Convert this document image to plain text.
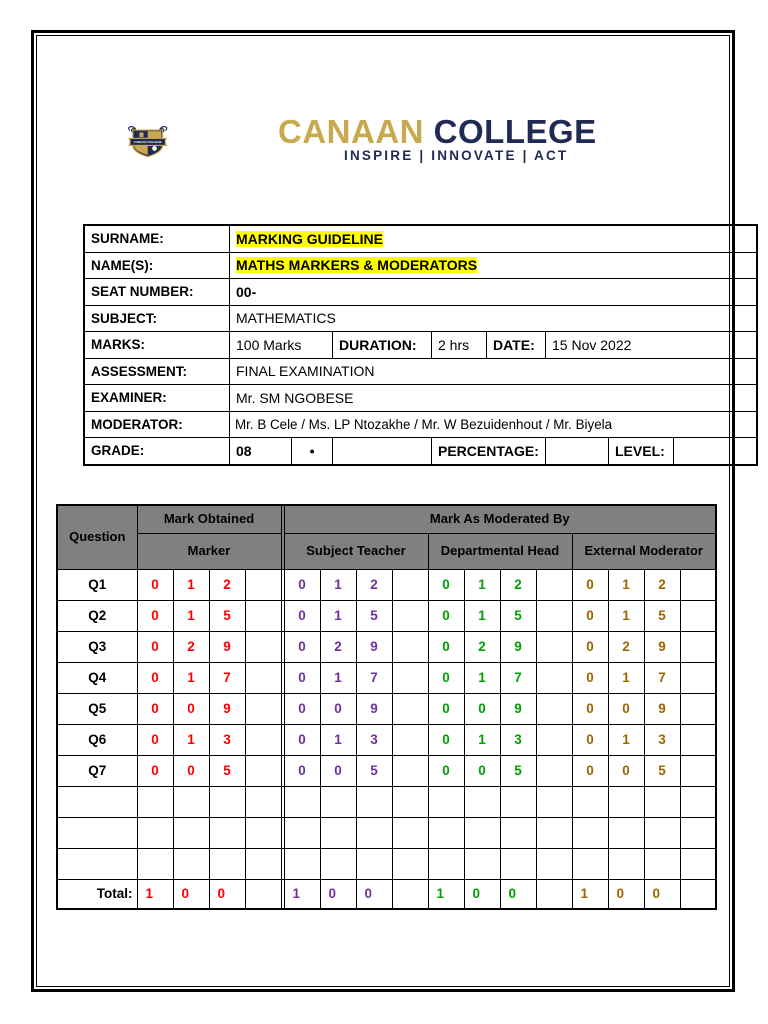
CANAAN COLLEGE	CANAAN COLLEGE
INSPIRE | INNOVATE | ACT
SURNAME:	MARKING GUIDELINE							
NAME(S):	MATHS MARKERS & MODERATORS							
SEAT NUMBER:	00-							
SUBJECT:	MATHEMATICS							
MARKS:	100 Marks		DURATION:	2 hrs	DATE:	15 Nov 2022		
ASSESSMENT:	FINAL EXAMINATION							
EXAMINER:	Mr. SM NGOBESE							
MODERATOR:	Mr. B Cele / Ms. LP Ntozakhe / Mr. W Bezuidenhout / Mr. Biyela							
GRADE:	08	•		PERCENTAGE:			LEVEL:	
Question	Mark Obtained					Mark As Moderated By											
	Marker					Subject Teacher				Departmental Head				External Moderator			
Q1	0	1	2			0	1	2		0	1	2		0	1	2	
Q2	0	1	5			0	1	5		0	1	5		0	1	5	
Q3	0	2	9			0	2	9		0	2	9		0	2	9	
Q4	0	1	7			0	1	7		0	1	7		0	1	7	
Q5	0	0	9			0	0	9		0	0	9		0	0	9	
Q6	0	1	3			0	1	3		0	1	3		0	1	3	
Q7	0	0	5			0	0	5		0	0	5		0	0	5	

Total:	1	0	0			1	0	0		1	0	0		1	0	0	
